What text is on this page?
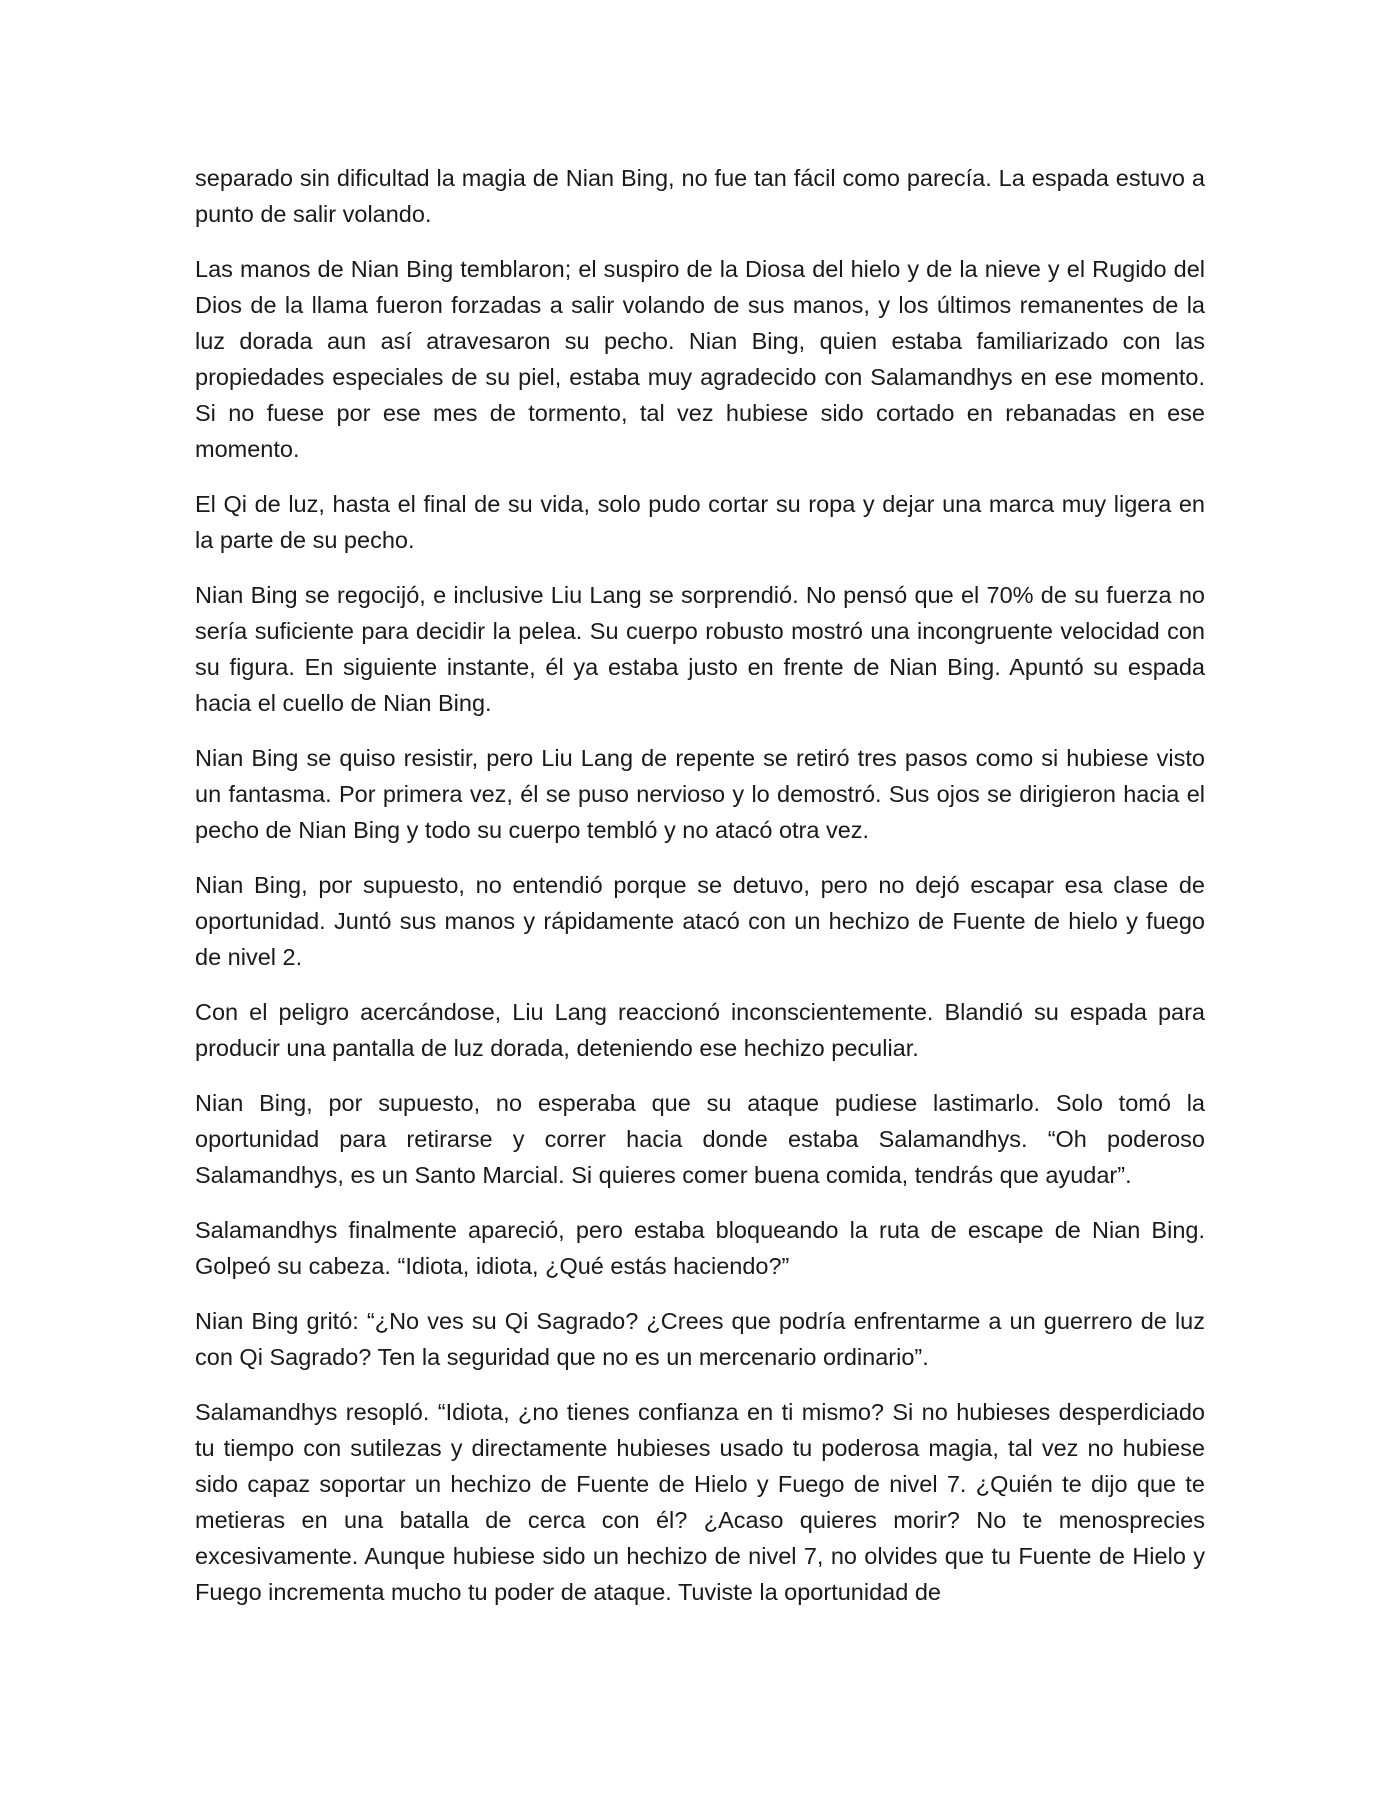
separado sin dificultad la magia de Nian Bing, no fue tan fácil como parecía. La espada estuvo a punto de salir volando.

Las manos de Nian Bing temblaron; el suspiro de la Diosa del hielo y de la nieve y el Rugido del Dios de la llama fueron forzadas a salir volando de sus manos, y los últimos remanentes de la luz dorada aun así atravesaron su pecho. Nian Bing, quien estaba familiarizado con las propiedades especiales de su piel, estaba muy agradecido con Salamandhys en ese momento. Si no fuese por ese mes de tormento, tal vez hubiese sido cortado en rebanadas en ese momento.

El Qi de luz, hasta el final de su vida, solo pudo cortar su ropa y dejar una marca muy ligera en la parte de su pecho.

Nian Bing se regocijó, e inclusive Liu Lang se sorprendió. No pensó que el 70% de su fuerza no sería suficiente para decidir la pelea. Su cuerpo robusto mostró una incongruente velocidad con su figura. En siguiente instante, él ya estaba justo en frente de Nian Bing. Apuntó su espada hacia el cuello de Nian Bing.

Nian Bing se quiso resistir, pero Liu Lang de repente se retiró tres pasos como si hubiese visto un fantasma. Por primera vez, él se puso nervioso y lo demostró. Sus ojos se dirigieron hacia el pecho de Nian Bing y todo su cuerpo tembló y no atacó otra vez.

Nian Bing, por supuesto, no entendió porque se detuvo, pero no dejó escapar esa clase de oportunidad. Juntó sus manos y rápidamente atacó con un hechizo de Fuente de hielo y fuego de nivel 2.

Con el peligro acercándose, Liu Lang reaccionó inconscientemente. Blandió su espada para producir una pantalla de luz dorada, deteniendo ese hechizo peculiar.

Nian Bing, por supuesto, no esperaba que su ataque pudiese lastimarlo. Solo tomó la oportunidad para retirarse y correr hacia donde estaba Salamandhys. “Oh poderoso Salamandhys, es un Santo Marcial. Si quieres comer buena comida, tendrás que ayudar”.

Salamandhys finalmente apareció, pero estaba bloqueando la ruta de escape de Nian Bing. Golpeó su cabeza. “Idiota, idiota, ¿Qué estás haciendo?”

Nian Bing gritó: “¿No ves su Qi Sagrado? ¿Crees que podría enfrentarme a un guerrero de luz con Qi Sagrado? Ten la seguridad que no es un mercenario ordinario”.

Salamandhys resopló. “Idiota, ¿no tienes confianza en ti mismo? Si no hubieses desperdiciado tu tiempo con sutilezas y directamente hubieses usado tu poderosa magia, tal vez no hubiese sido capaz soportar un hechizo de Fuente de Hielo y Fuego de nivel 7. ¿Quién te dijo que te metieras en una batalla de cerca con él? ¿Acaso quieres morir? No te menosprecies excesivamente. Aunque hubiese sido un hechizo de nivel 7, no olvides que tu Fuente de Hielo y Fuego incrementa mucho tu poder de ataque. Tuviste la oportunidad de
